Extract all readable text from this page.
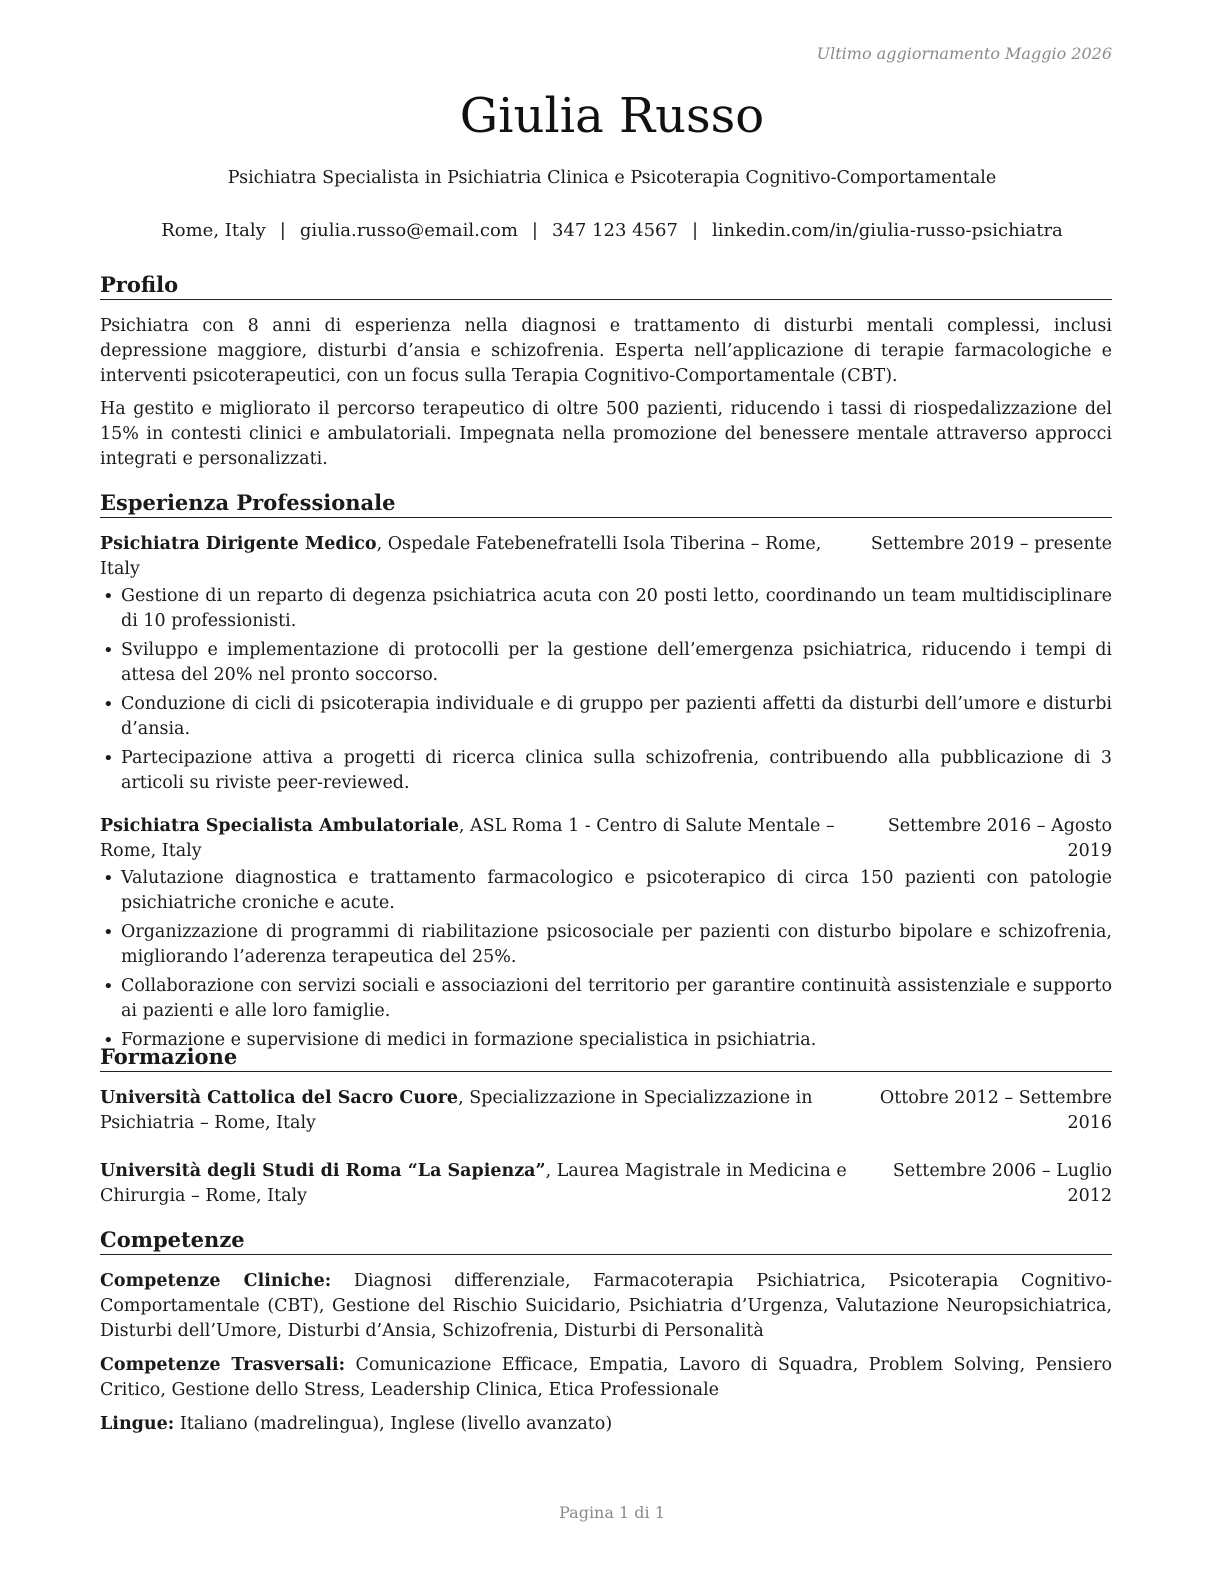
Ultimo aggiornamento Maggio 2026
Giulia Russo
Psichiatra Specialista in Psichiatria Clinica e Psicoterapia Cognitivo-Comportamentale
Rome, Italy | giulia.russo@email.com | 347 123 4567 | linkedin.com/in/giulia-russo-psichiatra
Profilo

Psichiatra con 8 anni di esperienza nella diagnosi e trattamento di disturbi mentali complessi, inclusi depressione maggiore, disturbi d’ansia e schizofrenia. Esperta nell’applicazione di terapie farmacologiche e interventi psicoterapeutici, con un focus sulla Terapia Cognitivo-Comportamentale (CBT).

Ha gestito e migliorato il percorso terapeutico di oltre 500 pazienti, riducendo i tassi di riospedalizzazione del 15% in contesti clinici e ambulatoriali. Impegnata nella promozione del benessere mentale attraverso approcci integrati e personalizzati.

Esperienza Professionale
Psichiatra Dirigente Medico, Ospedale Fatebenefratelli Isola Tiberina – Rome, Italy
Settembre 2019 – presente
• Gestione di un reparto di degenza psichiatrica acuta con 20 posti letto, coordinando un team multidisciplinare di 10 professionisti.
• Sviluppo e implementazione di protocolli per la gestione dell’emergenza psichiatrica, riducendo i tempi di attesa del 20% nel pronto soccorso.
• Conduzione di cicli di psicoterapia individuale e di gruppo per pazienti affetti da disturbi dell’umore e disturbi d’ansia.
• Partecipazione attiva a progetti di ricerca clinica sulla schizofrenia, contribuendo alla pubblicazione di 3 articoli su riviste peer-reviewed.
Psichiatra Specialista Ambulatoriale, ASL Roma 1 - Centro di Salute Mentale – Rome, Italy
Settembre 2016 – Agosto 2019
• Valutazione diagnostica e trattamento farmacologico e psicoterapico di circa 150 pazienti con patologie psichiatriche croniche e acute.
• Organizzazione di programmi di riabilitazione psicosociale per pazienti con disturbo bipolare e schizofrenia, migliorando l’aderenza terapeutica del 25%.
• Collaborazione con servizi sociali e associazioni del territorio per garantire continuità assistenziale e supporto ai pazienti e alle loro famiglie.
• Formazione e supervisione di medici in formazione specialistica in psichiatria.
Formazione
Università Cattolica del Sacro Cuore, Specializzazione in Specializzazione in Psichiatria – Rome, Italy
Ottobre 2012 – Settembre 2016
Università degli Studi di Roma “La Sapienza”, Laurea Magistrale in Medicina e Chirurgia – Rome, Italy
Settembre 2006 – Luglio 2012
Competenze
Competenze Cliniche: Diagnosi differenziale, Farmacoterapia Psichiatrica, Psicoterapia Cognitivo-Comportamentale (CBT), Gestione del Rischio Suicidario, Psichiatria d’Urgenza, Valutazione Neuropsichiatrica, Disturbi dell’Umore, Disturbi d’Ansia, Schizofrenia, Disturbi di Personalità
Competenze Trasversali: Comunicazione Efficace, Empatia, Lavoro di Squadra, Problem Solving, Pensiero Critico, Gestione dello Stress, Leadership Clinica, Etica Professionale
Lingue: Italiano (madrelingua), Inglese (livello avanzato)
Pagina 1 di 1
